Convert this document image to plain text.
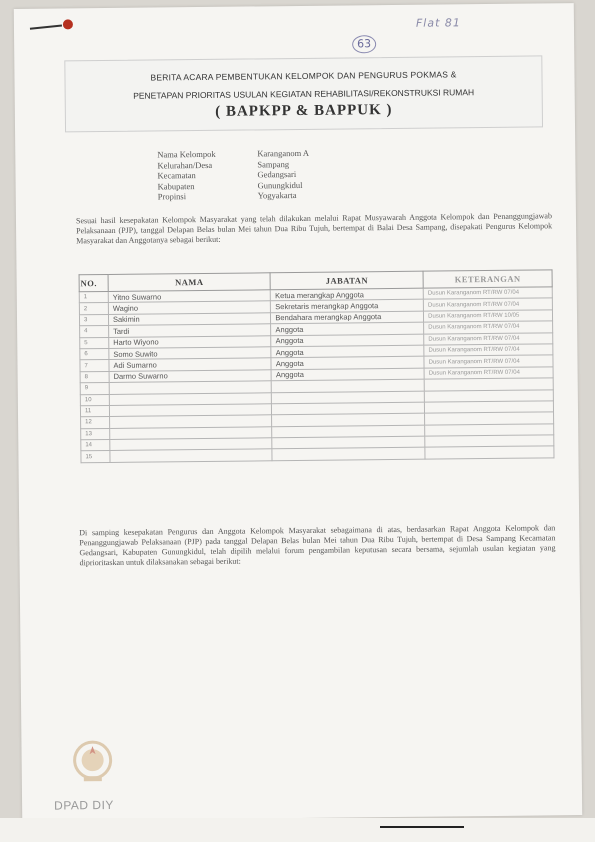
63
Flat 81
BERITA ACARA PEMBENTUKAN KELOMPOK DAN PENGURUS POKMAS &
PENETAPAN PRIORITAS USULAN KEGIATAN REHABILITASI/REKONSTRUKSI RUMAH
( BAPKPP & BAPPUK )
Nama Kelompok	Karanganom A
Kelurahan/Desa	Sampang
Kecamatan	Gedangsari
Kabupaten	Gunungkidul
Propinsi	Yogyakarta
Sesuai hasil kesepakatan Kelompok Masyarakat yang telah dilakukan melalui Rapat Musyawarah Anggota Kelompok dan Penanggungjawab Pelaksanaan (PJP), tanggal Delapan Belas bulan Mei tahun Dua Ribu Tujuh, bertempat di Balai Desa Sampang, disepakati Pengurus Kelompok Masyarakat dan Anggotanya sebagai berikut:
NO.	NAMA	JABATAN	KETERANGAN
1	Yitno Suwarno	Ketua merangkap Anggota	Dusun Karanganom RT/RW 07/04
2	Wagino	Sekretaris merangkap Anggota	Dusun Karanganom RT/RW 07/04
3	Sakimin	Bendahara merangkap Anggota	Dusun Karanganom RT/RW 10/05
4	Tardi	Anggota	Dusun Karanganom RT/RW 07/04
5	Harto Wiyono	Anggota	Dusun Karanganom RT/RW 07/04
6	Somo Suwito	Anggota	Dusun Karanganom RT/RW 07/04
7	Adi Sumarno	Anggota	Dusun Karanganom RT/RW 07/04
8	Darmo Suwarno	Anggota	Dusun Karanganom RT/RW 07/04
9			
10			
11			
12			
13			
14			
15			
Di samping kesepakatan Pengurus dan Anggota Kelompok Masyarakat sebagaimana di atas, berdasarkan Rapat Anggota Kelompok dan Penanggungjawab Pelaksanaan (PJP) pada tanggal Delapan Belas bulan Mei tahun Dua Ribu Tujuh, bertempat di Desa Sampang Kecamatan Gedangsari, Kabupaten Gunungkidul, telah dipilih melalui forum pengambilan keputusan secara bersama, sejumlah usulan kegiatan yang diprioritaskan untuk dilaksanakan sebagai berikut:
DPAD DIY
